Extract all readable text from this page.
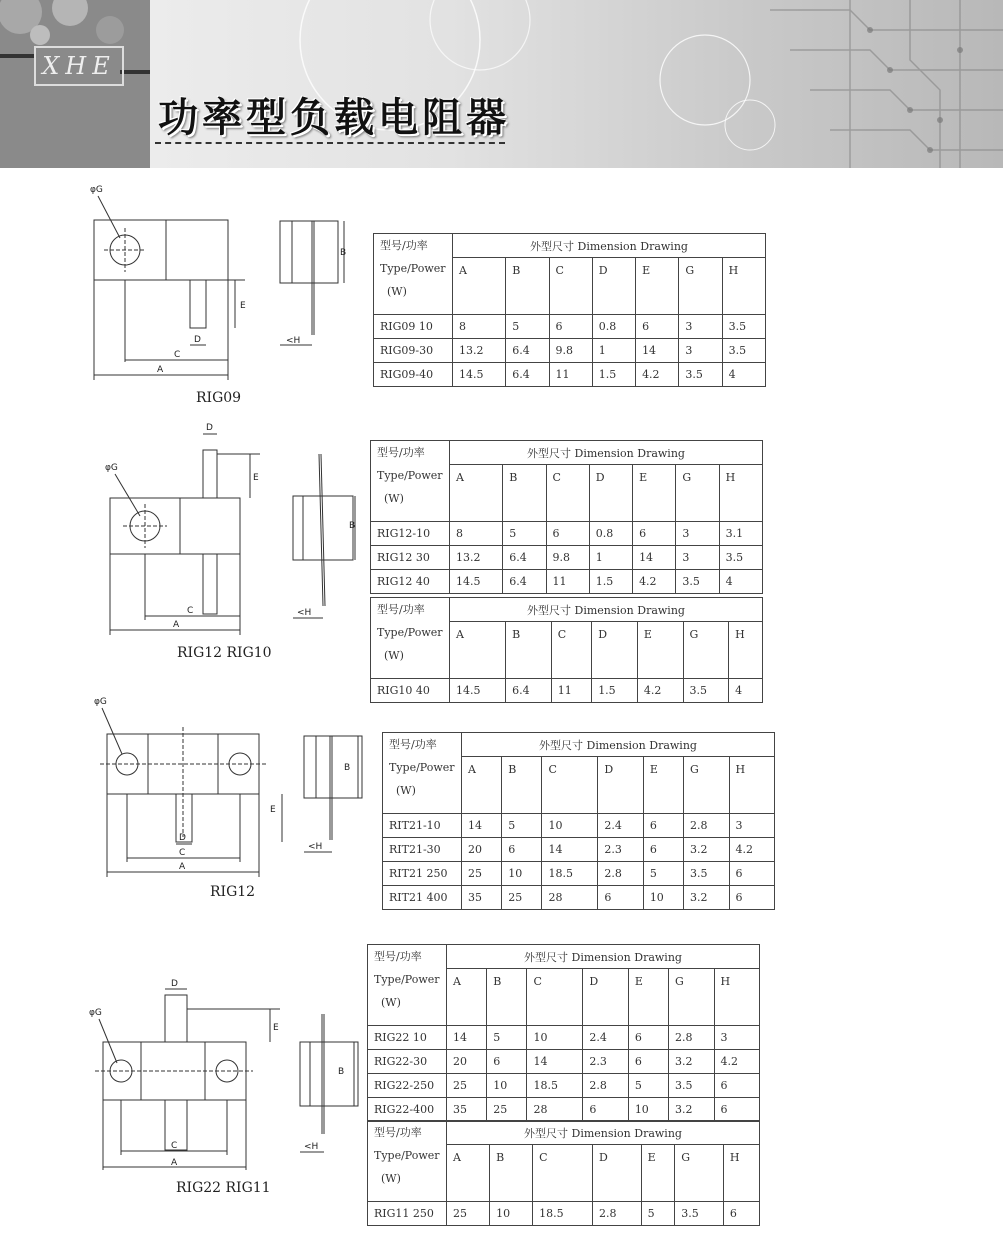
XHE
功率型负载电阻器
φG
A
C
D
E
B
<H
RIG09
型号/功率
Type/Power
(W)	外型尺寸 Dimension Drawing						
	A	B	C	D	E	G	H
RIG09 10	8	5	6	0.8	6	3	3.5
RIG09-30	13.2	6.4	9.8	1	14	3	3.5
RIG09-40	14.5	6.4	11	1.5	4.2	3.5	4
D
φG
E
C
A
B
<H
RIG12 RIG10
型号/功率
Type/Power
(W)	外型尺寸 Dimension Drawing						
	A	B	C	D	E	G	H
RIG12-10	8	5	6	0.8	6	3	3.1
RIG12 30	13.2	6.4	9.8	1	14	3	3.5
RIG12 40	14.5	6.4	11	1.5	4.2	3.5	4
型号/功率
Type/Power
(W)	外型尺寸 Dimension Drawing						
	A	B	C	D	E	G	H
RIG10 40	14.5	6.4	11	1.5	4.2	3.5	4
φG
D
C
A
E
B
<H
RIG12
型号/功率
Type/Power
(W)	外型尺寸 Dimension Drawing						
	A	B	C	D	E	G	H
RIT21-10	14	5	10	2.4	6	2.8	3
RIT21-30	20	6	14	2.3	6	3.2	4.2
RIT21 250	25	10	18.5	2.8	5	3.5	6
RIT21 400	35	25	28	6	10	3.2	6
D
φG
E
C
A
B
<H
RIG22 RIG11
型号/功率
Type/Power
(W)	外型尺寸 Dimension Drawing						
	A	B	C	D	E	G	H
RIG22 10	14	5	10	2.4	6	2.8	3
RIG22-30	20	6	14	2.3	6	3.2	4.2
RIG22-250	25	10	18.5	2.8	5	3.5	6
RIG22-400	35	25	28	6	10	3.2	6
型号/功率
Type/Power
(W)	外型尺寸 Dimension Drawing						
	A	B	C	D	E	G	H
RIG11 250	25	10	18.5	2.8	5	3.5	6
